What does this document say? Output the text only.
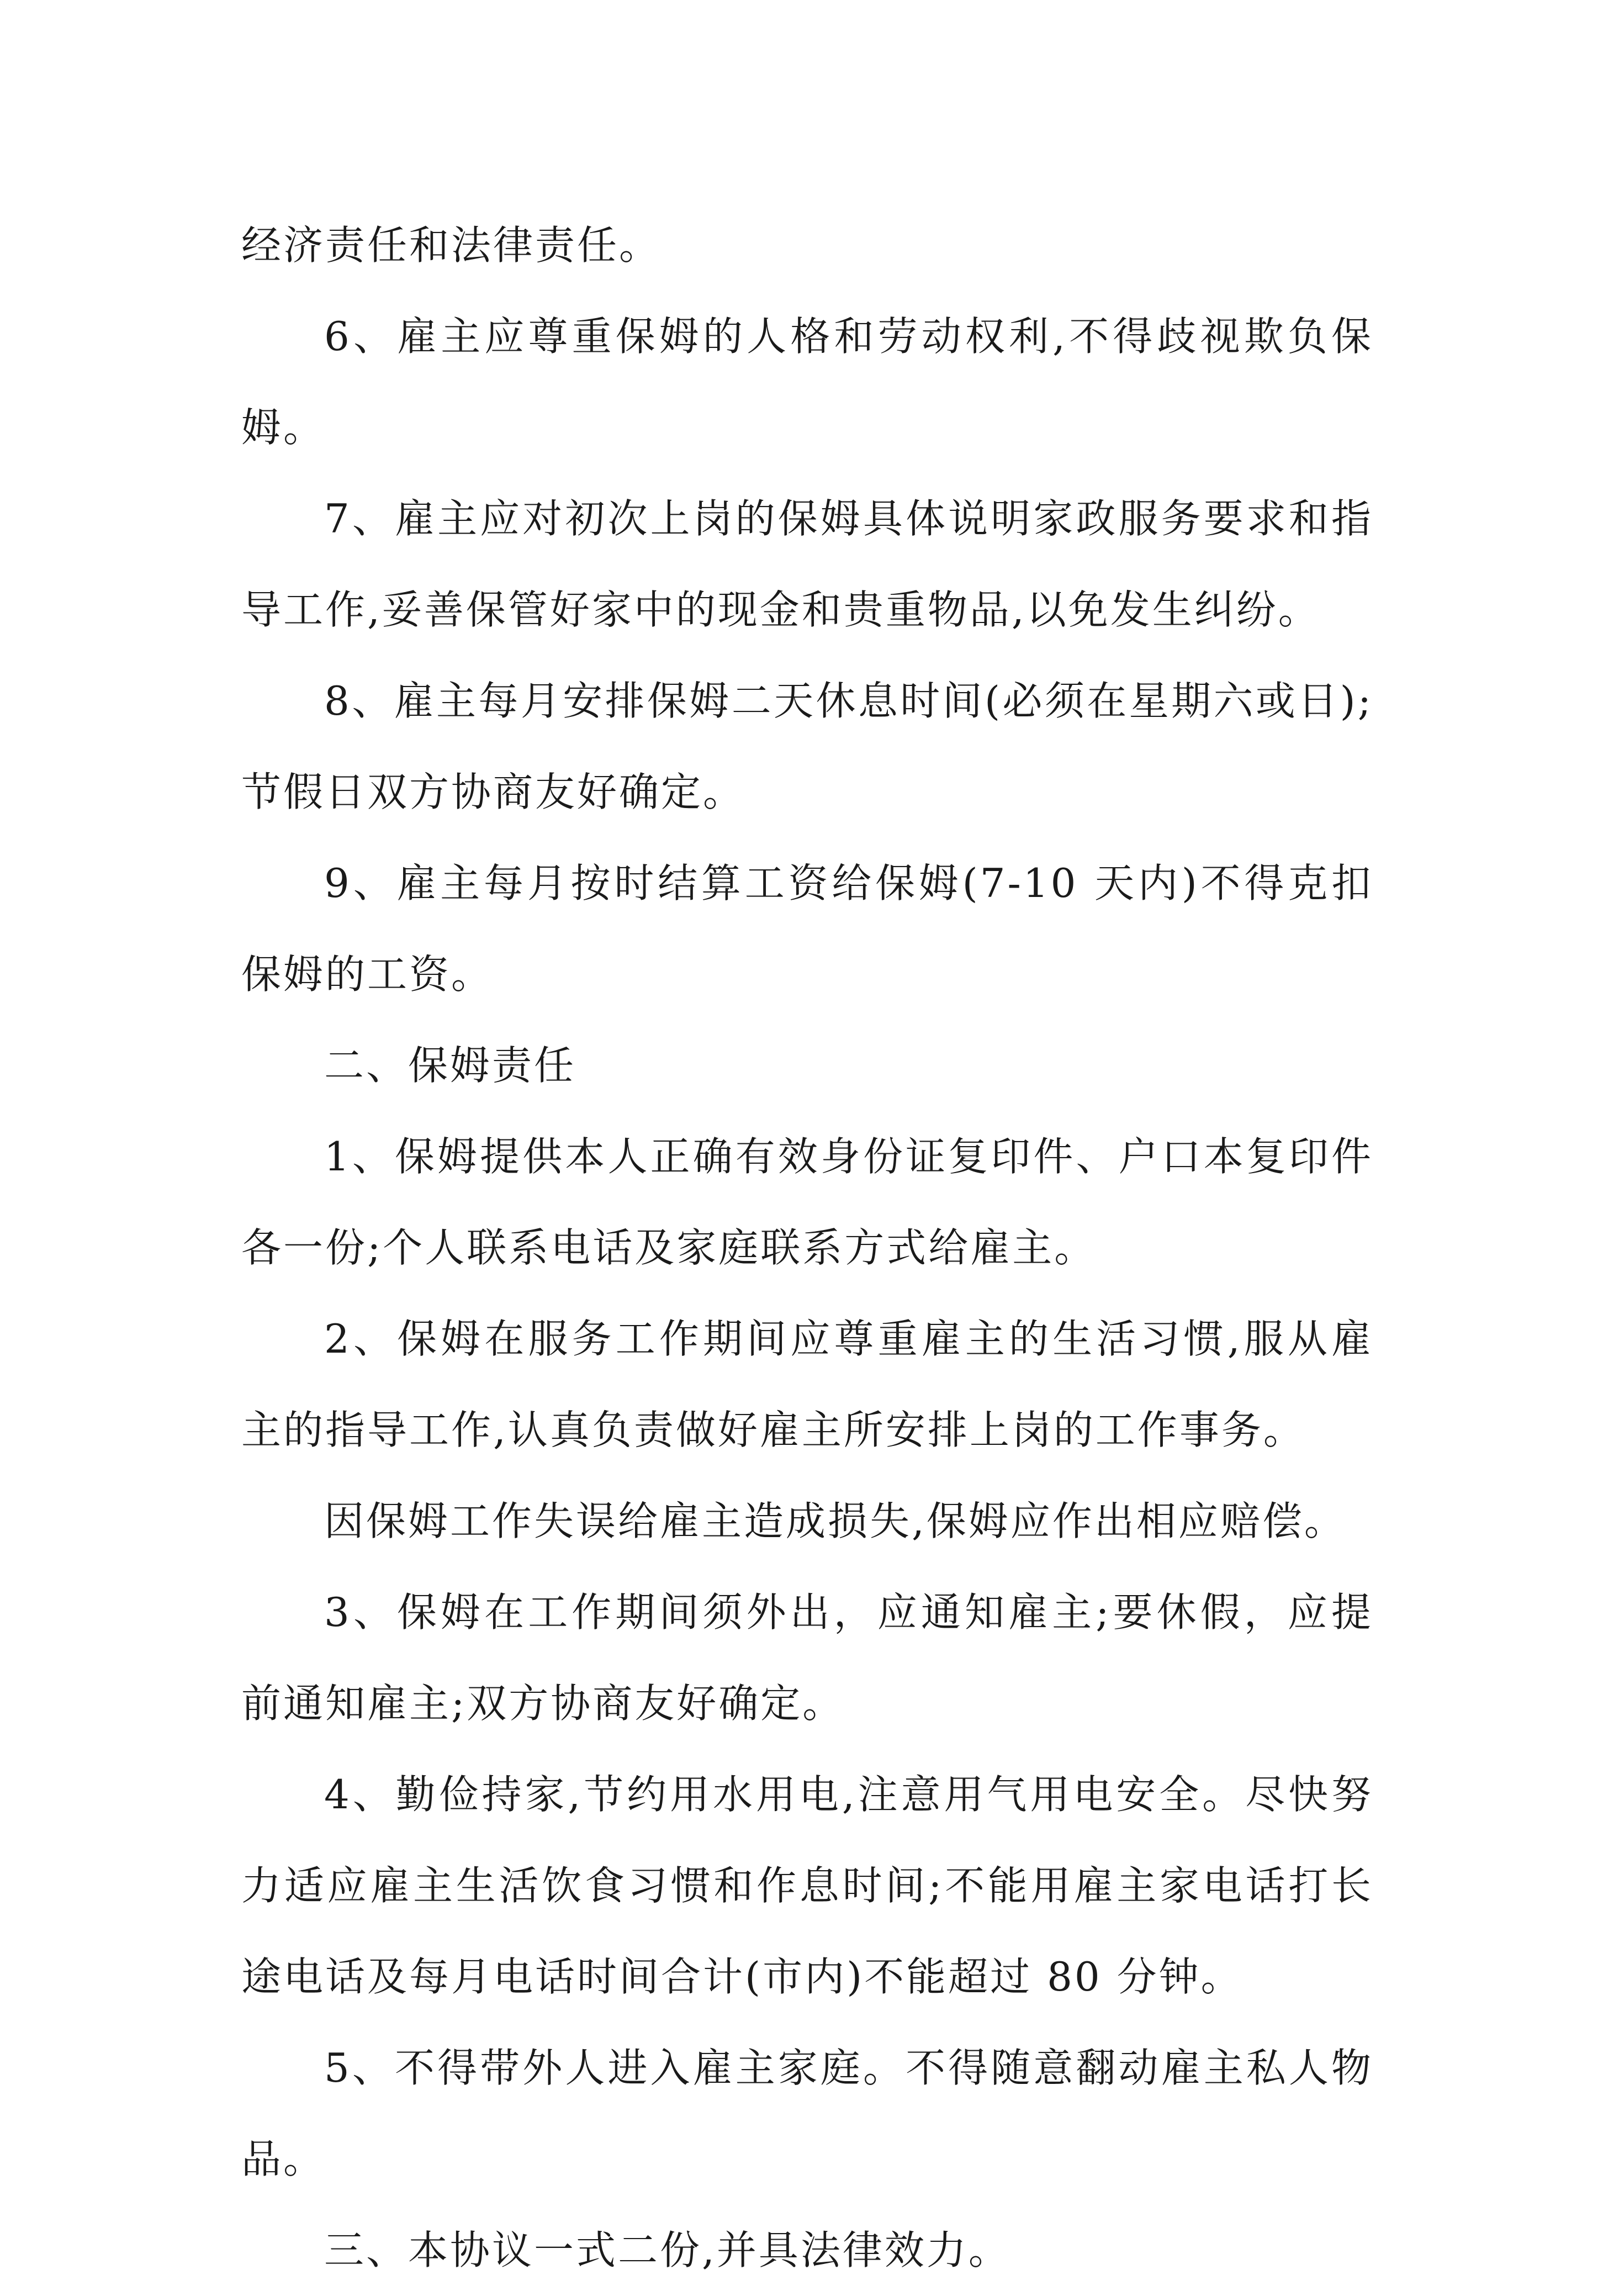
经济责任和法律责任。

6、雇主应尊重保姆的人格和劳动权利,不得歧视欺负保姆。

7、雇主应对初次上岗的保姆具体说明家政服务要求和指导工作,妥善保管好家中的现金和贵重物品,以免发生纠纷。

8、雇主每月安排保姆二天休息时间(必须在星期六或日);节假日双方协商友好确定。

9、雇主每月按时结算工资给保姆(7-10 天内)不得克扣保姆的工资。

二、保姆责任

1、保姆提供本人正确有效身份证复印件、户口本复印件各一份;个人联系电话及家庭联系方式给雇主。

2、保姆在服务工作期间应尊重雇主的生活习惯,服从雇主的指导工作,认真负责做好雇主所安排上岗的工作事务。

因保姆工作失误给雇主造成损失,保姆应作出相应赔偿。

3、保姆在工作期间须外出，应通知雇主;要休假，应提前通知雇主;双方协商友好确定。

4、勤俭持家,节约用水用电,注意用气用电安全。尽快努力适应雇主生活饮食习惯和作息时间;不能用雇主家电话打长途电话及每月电话时间合计(市内)不能超过 80 分钟。

5、不得带外人进入雇主家庭。不得随意翻动雇主私人物品。

三、本协议一式二份,并具法律效力。
